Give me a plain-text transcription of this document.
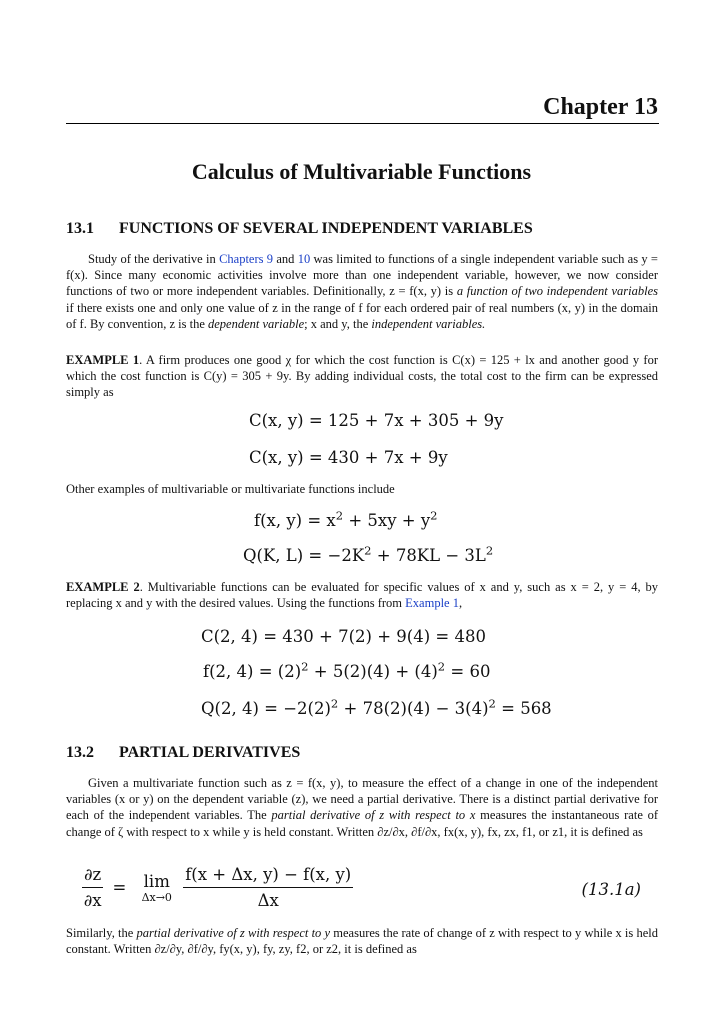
Chapter 13
Calculus of Multivariable Functions
13.1 FUNCTIONS OF SEVERAL INDEPENDENT VARIABLES

Study of the derivative in Chapters 9 and 10 was limited to functions of a single independent variable such as y = f(x). Since many economic activities involve more than one independent variable, however, we now consider functions of two or more independent variables. Definitionally, z = f(x, y) is a function of two independent variables if there exists one and only one value of z in the range of f for each ordered pair of real numbers (x, y) in the domain of f. By convention, z is the dependent variable; x and y, the independent variables.

EXAMPLE 1. A firm produces one good χ for which the cost function is C(x) = 125 + lx and another good y for which the cost function is C(y) = 305 + 9y. By adding individual costs, the total cost to the firm can be expressed simply as

C(x, y) = 125 + 7x + 305 + 9y
C(x, y) = 430 + 7x + 9y

Other examples of multivariable or multivariate functions include

f(x, $y) = x^2 + 5xy + y^2$
Q(K, $L) = -2K^2 + 78KL - 3L^2$

EXAMPLE 2. Multivariable functions can be evaluated for specific values of x and y, such as x = 2, y = 4, by replacing x and y with the desired values. Using the functions from Example 1,

C(2, 4) = 430 + 7(2) + 9(4) = 480
f(2, $4) = (2)^2 + 5(2)(4) + (4)^2 = 60$
Q(2, $4) = -2(2)^2 + 78(2)(4) - 3(4)^2 = 568$
13.2 PARTIAL DERIVATIVES

Given a multivariate function such as z = f(x, y), to measure the effect of a change in one of the independent variables (x or y) on the dependent variable (z), we need a partial derivative. There is a distinct partial derivative for each of the independent variables. The partial derivative of z with respect to x measures the instantaneous rate of change of ζ with respect to x while y is held constant. Written ∂z/∂x, ∂f/∂x, fx(x, y), fx, zx, f1, or z1, it is defined as

$\frac{\partial z}{\partial x} = \lim$
Δx→0
$\frac{f(x + \Delta x, y) - f(x, y)}{\Delta x}$	(13.1a)

Similarly, the partial derivative of z with respect to y measures the rate of change of z with respect to y while x is held constant. Written ∂z/∂y, ∂f/∂y, fy(x, y), fy, zy, f2, or z2, it is defined as
